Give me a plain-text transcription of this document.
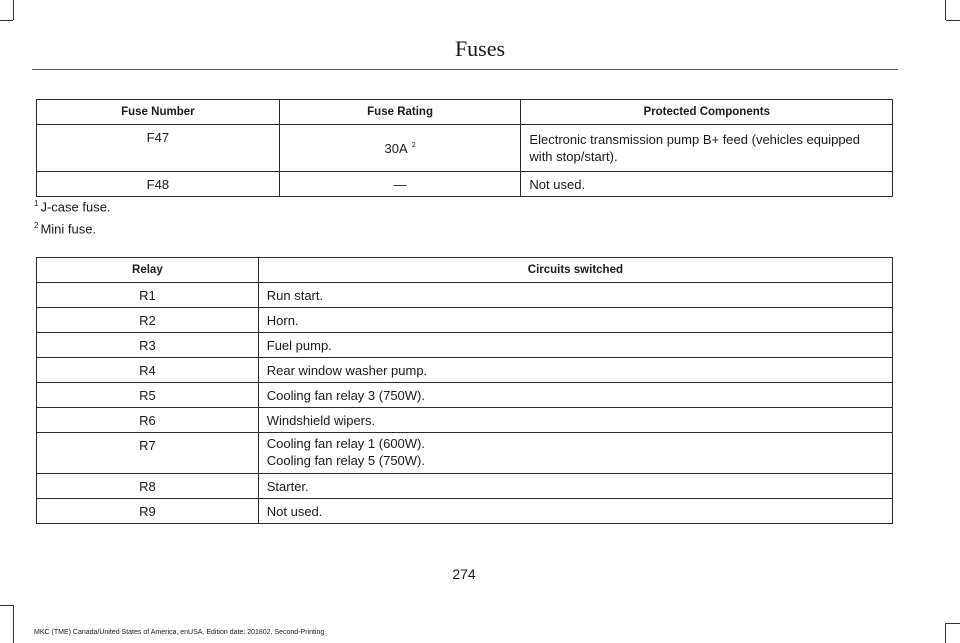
Fuses
Fuse Number	Fuse Rating	Protected Components
F47	30A $^2$	Electronic transmission pump B+ feed (vehicles equipped with stop/start).
F48	—	Not used.
$^1$ J-case fuse.
$^2$ Mini fuse.
Relay	Circuits switched
R1	Run start.
R2	Horn.
R3	Fuel pump.
R4	Rear window washer pump.
R5	Cooling fan relay 3 (750W).
R6	Windshield wipers.
R7	Cooling fan relay 1 (600W).
Cooling fan relay 5 (750W).

R8	Starter.
R9	Not used.
274
MKC (TME) Canada/United States of America, enUSA, Edition date: 201802, Second-Printing
